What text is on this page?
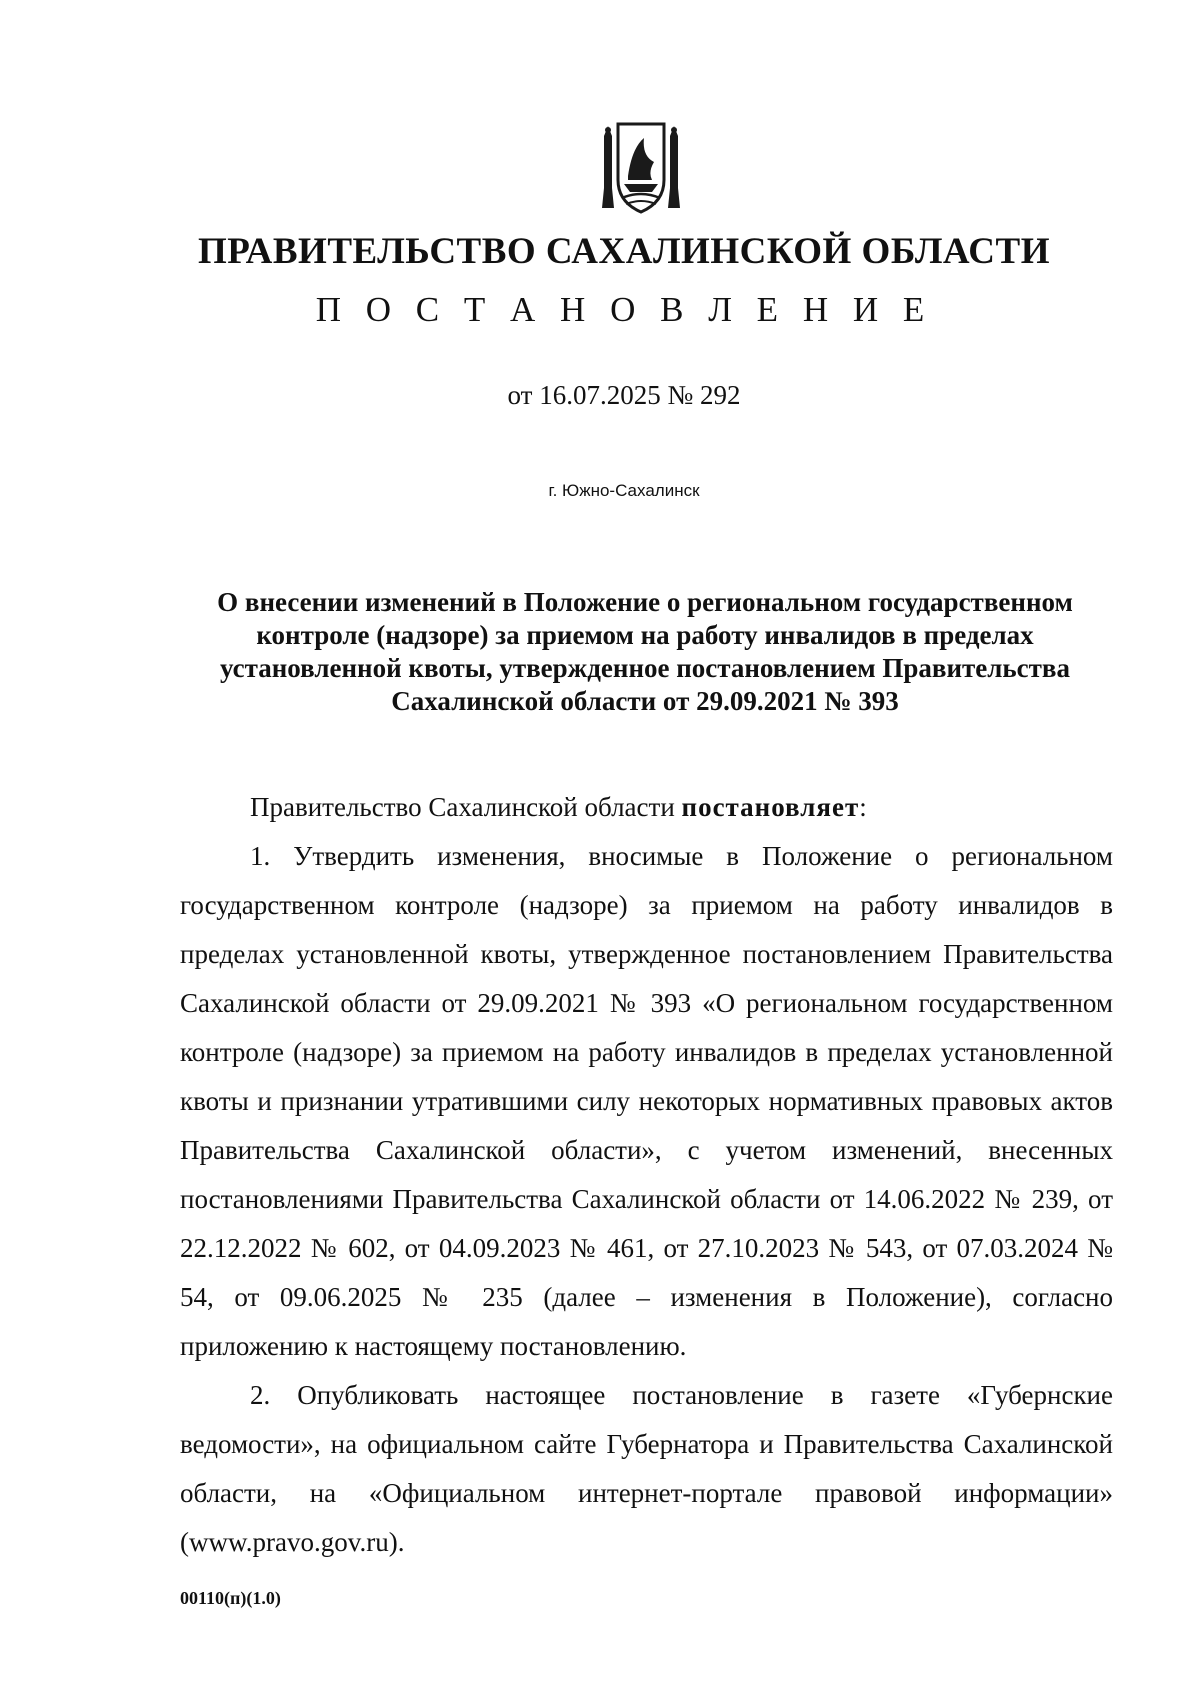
ПРАВИТЕЛЬСТВО САХАЛИНСКОЙ ОБЛАСТИ
П О С Т А Н О В Л Е Н И Е
от 16.07.2025 № 292
г. Южно-Сахалинск
О внесении изменений в Положение о региональном государственном
контроле (надзоре) за приемом на работу инвалидов в пределах
установленной квоты, утвержденное постановлением Правительства
Сахалинской области от 29.09.2021 № 393

Правительство Сахалинской области постановляет:

1. Утвердить изменения, вносимые в Положение о региональном государственном контроле (надзоре) за приемом на работу инвалидов в пределах установленной квоты, утвержденное постановлением Правительства Сахалинской области от 29.09.2021 № 393 «О региональном государственном контроле (надзоре) за приемом на работу инвалидов в пределах установленной квоты и признании утратившими силу некоторых нормативных правовых актов Правительства Сахалинской области», с учетом изменений, внесенных постановлениями Правительства Сахалинской области от 14.06.2022 № 239, от 22.12.2022 № 602, от 04.09.2023 № 461, от 27.10.2023 № 543, от 07.03.2024 № 54, от 09.06.2025 № 235 (далее – изменения в Положение), согласно приложению к настоящему постановлению.

2. Опубликовать настоящее постановление в газете «Губернские ведомости», на официальном сайте Губернатора и Правительства Сахалинской области, на «Официальном интернет-портале правовой информации» (www.pravo.gov.ru).

00110(п)(1.0)
